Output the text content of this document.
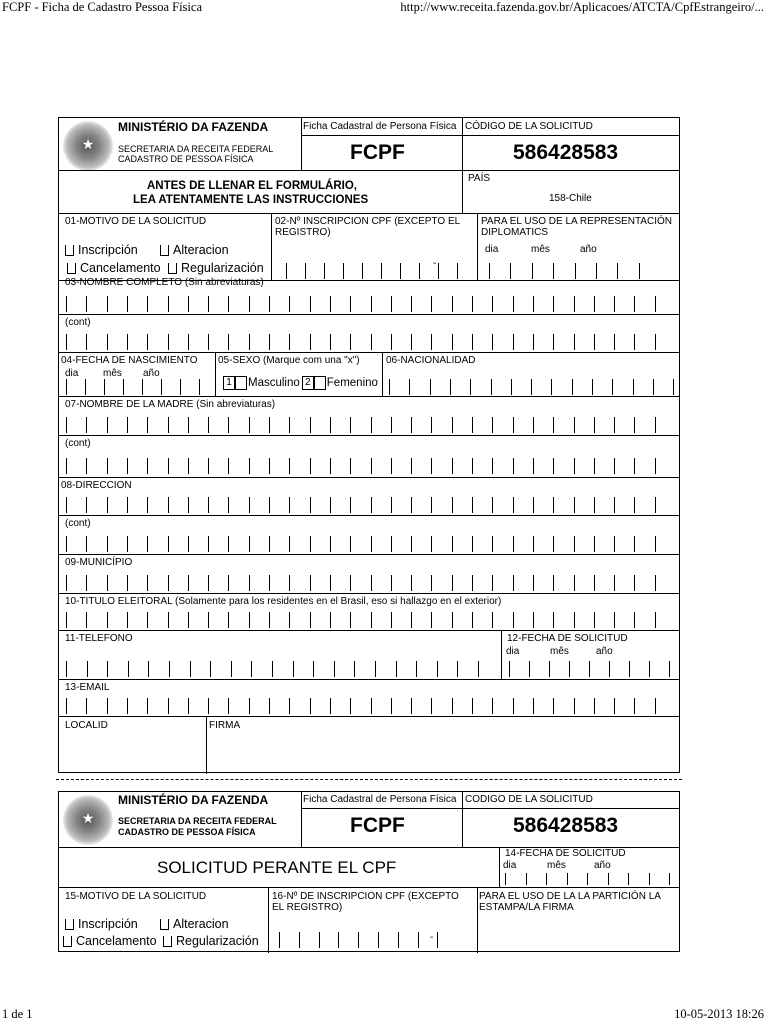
FCPF - Ficha de Cadastro Pessoa Física	http://www.receita.fazenda.gov.br/Aplicacoes/ATCTA/CpfEstrangeiro/...
★
MINISTÉRIO DA FAZENDA
SECRETARIA DA RECEITA FEDERAL
CADASTRO DE PESSOA FÍSICA
Ficha Cadastral de Persona Física
FCPF
CÓDIGO DE LA SOLICITUD
586428583
ANTES DE LLENAR EL FORMULÁRIO,
LEA ATENTAMENTE LAS INSTRUCCIONES
PAÍS
158-Chile
01-MOTIVO DE LA SOLICITUD
Inscripción	Alteracion
Cancelamento Regularización
02-Nº INSCRIPCION CPF (EXCEPTO EL REGISTRO)
-
PARA EL USO DE LA REPRESENTACIÓN DIPLOMATICS
dia	mês	año
03-NOMBRE COMPLETO (Sin abreviaturas)
(cont)
04-FECHA DE NASCIMIENTO
dia mês año
05-SEXO (Marque com una "x")
1 Masculino 2 Femenino
06-NACIONALIDAD
07-NOMBRE DE LA MADRE (Sin abreviaturas)
(cont)
08-DIRECCION
(cont)
09-MUNICÍPIO
10-TITULO ELEITORAL (Solamente para los residentes en el Brasil, eso si hallazgo en el exterior)
11-TELEFONO	12-FECHA DE SOLICITUD
dia	mês	año
13-EMAIL
LOCALID	FIRMA
★
MINISTÉRIO DA FAZENDA
SECRETARIA DA RECEITA FEDERAL
CADASTRO DE PESSOA FÍSICA
Ficha Cadastral de Persona Física
FCPF
CODIGO DE LA SOLICITUD
586428583
SOLICITUD PERANTE EL CPF
14-FECHA DE SOLICITUD
dia	mês	año
15-MOTIVO DE LA SOLICITUD
Inscripción	Alteracion
Cancelamento Regularización
16-Nº DE INSCRIPCION CPF (EXCEPTO EL REGISTRO)
-
PARA EL USO DE LA LA PARTICIÓN LA ESTAMPA/LA FIRMA
1 de 1	10-05-2013 18:26
